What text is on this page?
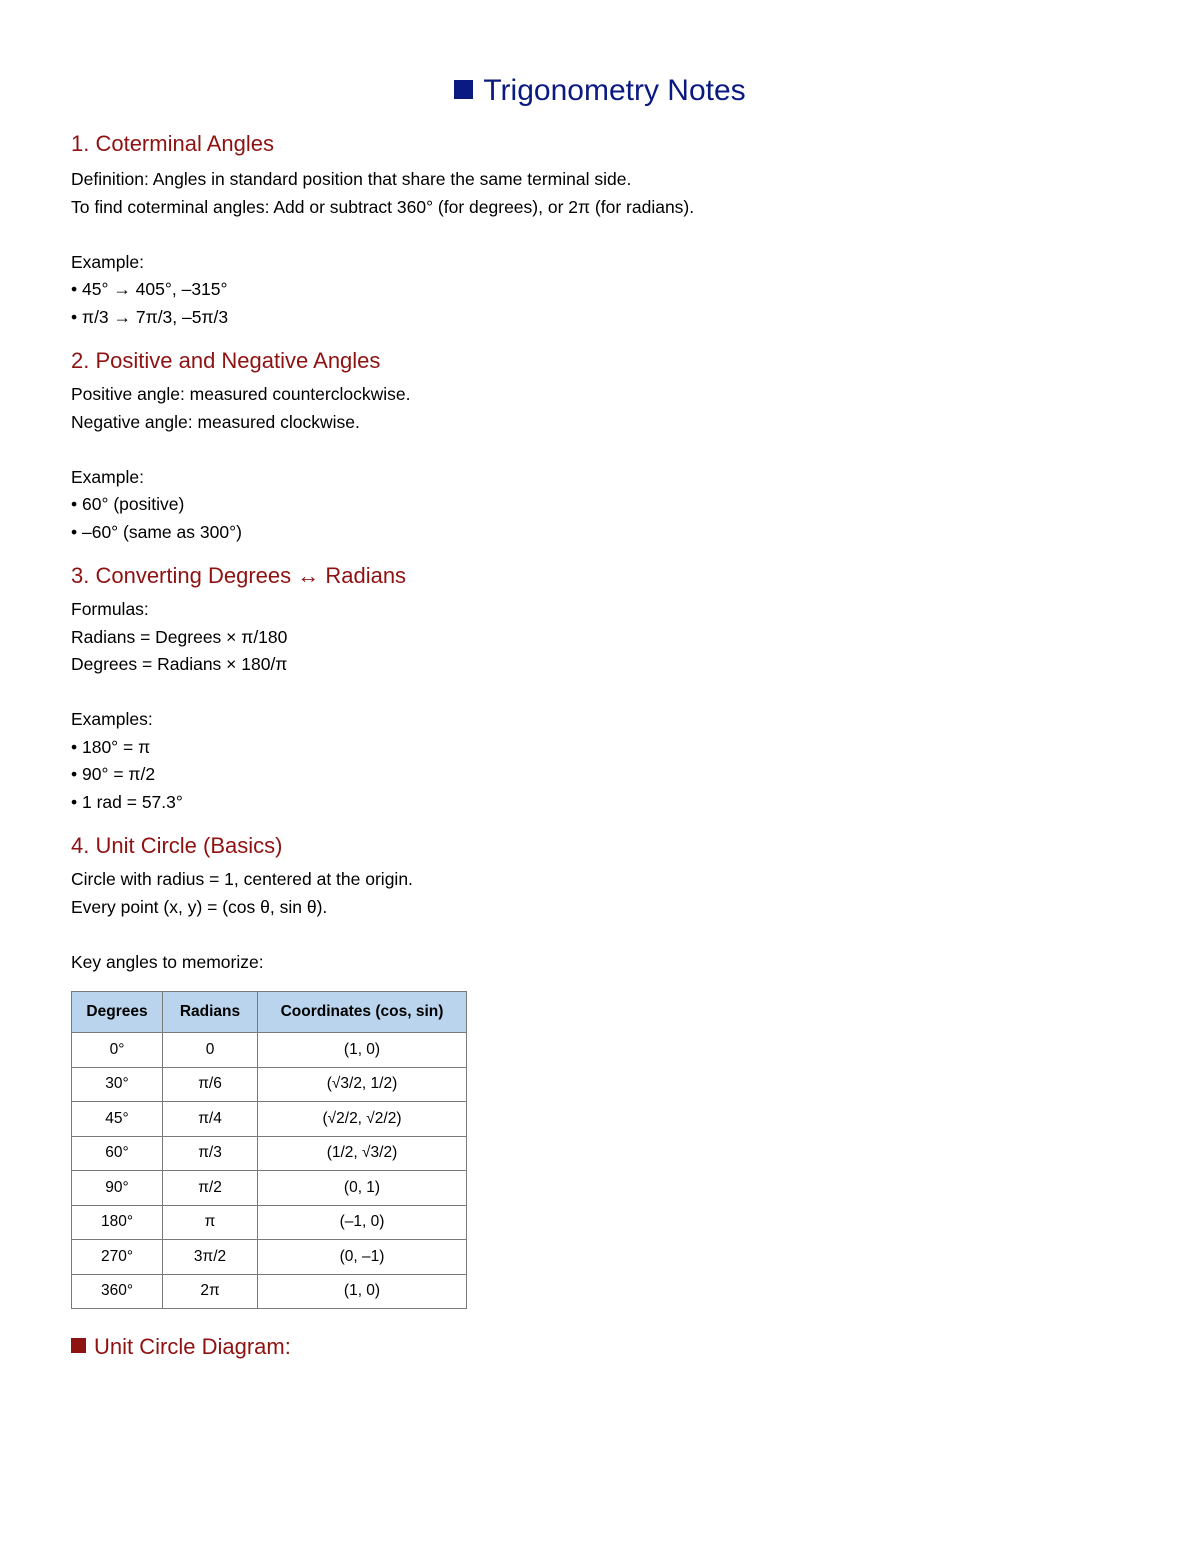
Trigonometry Notes
1. Coterminal Angles

Definition: Angles in standard position that share the same terminal side.
To find coterminal angles: Add or subtract 360° (for degrees), or 2π (for radians).

Example:
• 45° → 405°, –315°
• π/3 → 7π/3, –5π/3

2. Positive and Negative Angles

Positive angle: measured counterclockwise.
Negative angle: measured clockwise.

Example:
• 60° (positive)
• –60° (same as 300°)

3. Converting Degrees ↔ Radians

Formulas:
Radians = Degrees × π/180
Degrees = Radians × 180/π

Examples:
• 180° = π
• 90° = π/2
• 1 rad = 57.3°

4. Unit Circle (Basics)

Circle with radius = 1, centered at the origin.
Every point (x, y) = (cos θ, sin θ).

Key angles to memorize:

Degrees	Radians	Coordinates (cos, sin)
0°	0	(1, 0)
30°	π/6	(√3/2, 1/2)
45°	π/4	(√2/2, √2/2)
60°	π/3	(1/2, √3/2)
90°	π/2	(0, 1)
180°	π	(–1, 0)
270°	3π/2	(0, –1)
360°	2π	(1, 0)
Unit Circle Diagram:
